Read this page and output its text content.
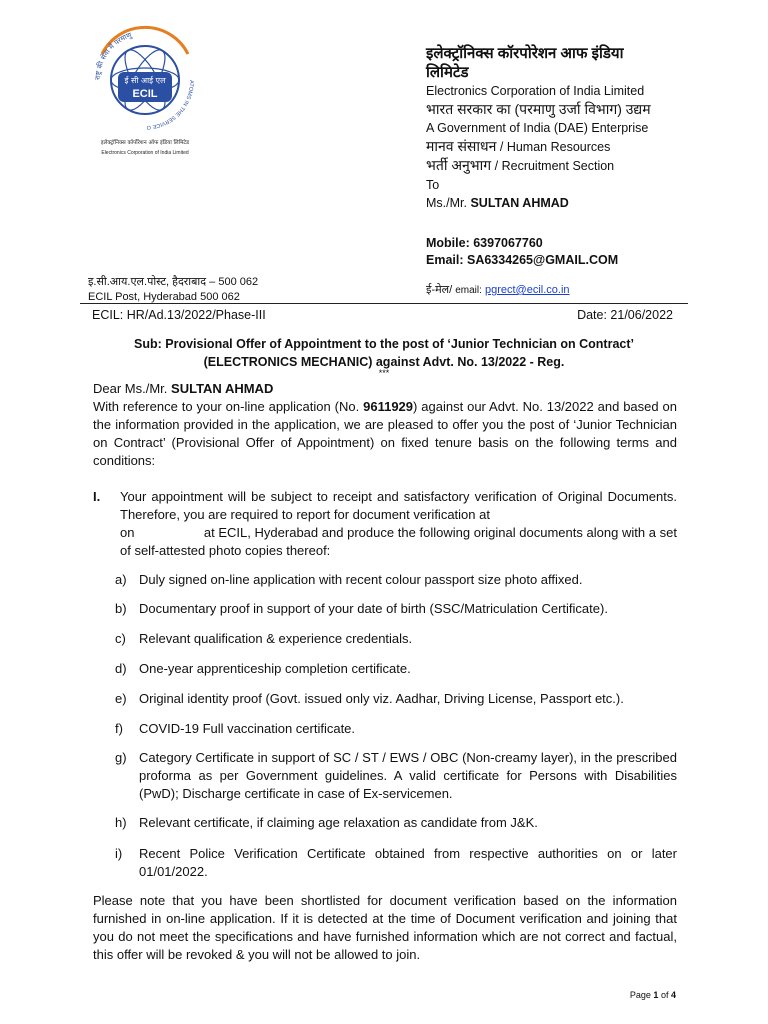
ई सी आई एल
ECIL
राष्ट्र की सेवा में परमाणु
ATOMS IN THE SERVICE O
इलेक्ट्रॉनिक्स कॉर्पोरेशन ऑफ इंडिया लिमिटेड
Electronics Corporation of India Limited
इलेक्ट्रॉनिक्स कॉरपोरेशन आफ इंडिया
लिमिटेड
Electronics Corporation of India Limited
भारत सरकार का (परमाणु उर्जा विभाग) उद्यम
A Government of India (DAE) Enterprise
मानव संसाधन / Human Resources
भर्ती अनुभाग / Recruitment Section
To
Ms./Mr. SULTAN AHMAD
Mobile: 6397067760
Email: SA6334265@GMAIL.COM
इ.सी.आय.एल.पोस्ट, हैदराबाद – 500 062
ECIL Post, Hyderabad 500 062
ई-मेल/ email: pgrect@ecil.co.in
ECIL: HR/Ad.13/2022/Phase-III	Date: 21/06/2022
Sub: Provisional Offer of Appointment to the post of ‘Junior Technician on Contract’
(ELECTRONICS MECHANIC) against Advt. No. 13/2022 - Reg.
***

Dear Ms./Mr. SULTAN AHMAD

With reference to your on-line application (No. 9611929) against our Advt. No. 13/2022 and based on the information provided in the application, we are pleased to offer you the post of ‘Junior Technician on Contract’ (Provisional Offer of Appointment) on fixed tenure basis on the following terms and conditions:

I. Your appointment will be subject to receipt and satisfactory verification of Original Documents. Therefore, you are required to report for document verification at
on                   at ECIL, Hyderabad and produce the following original documents along with a set of self-attested photo copies thereof:
a) Duly signed on-line application with recent colour passport size photo affixed.
b) Documentary proof in support of your date of birth (SSC/Matriculation Certificate).
c) Relevant qualification & experience credentials.
d) One-year apprenticeship completion certificate.
e) Original identity proof (Govt. issued only viz. Aadhar, Driving License, Passport etc.).
f) COVID-19 Full vaccination certificate.
g) Category Certificate in support of SC / ST / EWS / OBC (Non-creamy layer), in the prescribed proforma as per Government guidelines. A valid certificate for Persons with Disabilities (PwD); Discharge certificate in case of Ex-servicemen.
h) Relevant certificate, if claiming age relaxation as candidate from J&K.
i) Recent Police Verification Certificate obtained from respective authorities on or later 01/01/2022.
Please note that you have been shortlisted for document verification based on the information furnished in on-line application. If it is detected at the time of Document verification and joining that you do not meet the specifications and have furnished information which are not correct and factual, this offer will be revoked & you will not be allowed to join.
Page 1 of 4
